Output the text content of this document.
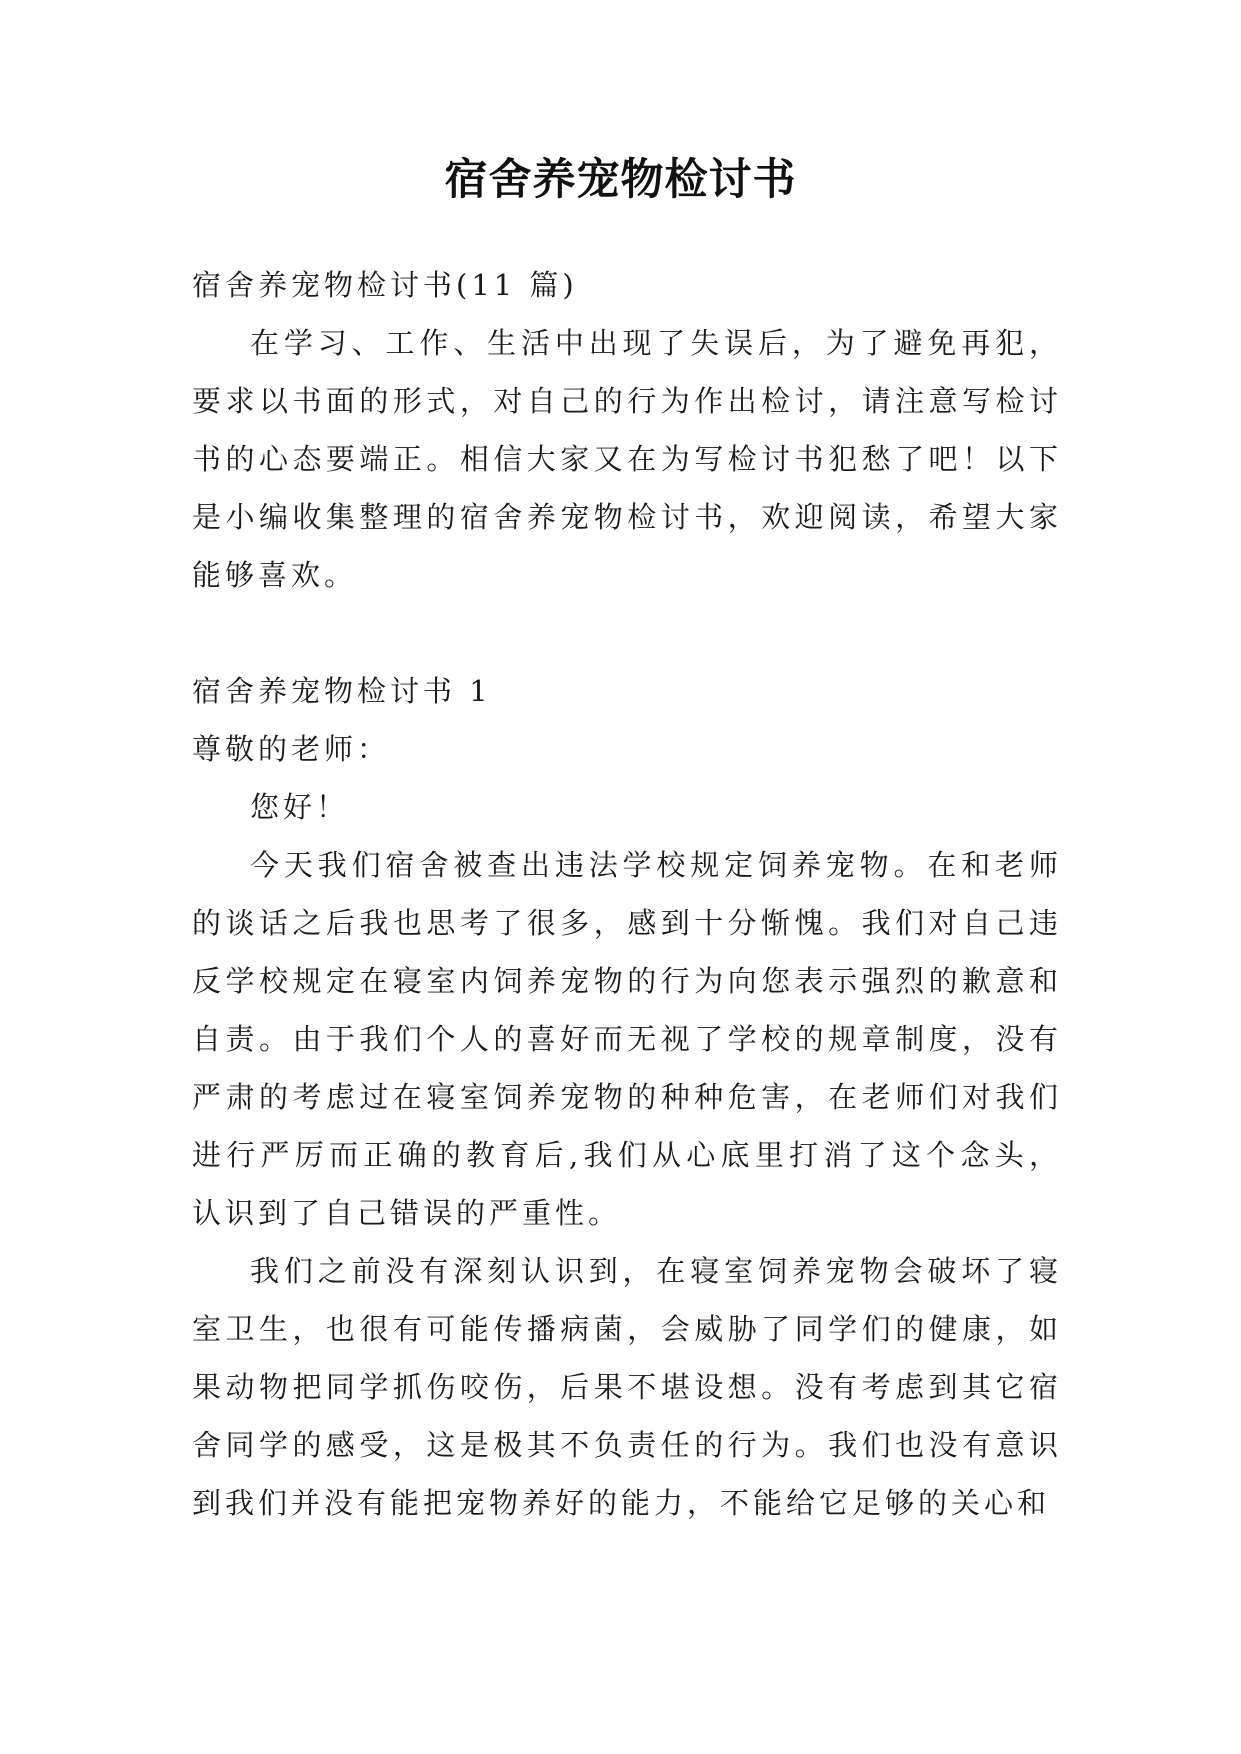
宿舍养宠物检讨书

宿舍养宠物检讨书(11 篇)

在学习、工作、生活中出现了失误后，为了避免再犯，要求以书面的形式，对自己的行为作出检讨，请注意写检讨书的心态要端正。相信大家又在为写检讨书犯愁了吧！以下是小编收集整理的宿舍养宠物检讨书，欢迎阅读，希望大家能够喜欢。

宿舍养宠物检讨书 1

尊敬的老师：

您好！

今天我们宿舍被查出违法学校规定饲养宠物。在和老师的谈话之后我也思考了很多，感到十分惭愧。我们对自己违反学校规定在寝室内饲养宠物的行为向您表示强烈的歉意和自责。由于我们个人的喜好而无视了学校的规章制度，没有严肃的考虑过在寝室饲养宠物的种种危害，在老师们对我们进行严厉而正确的教育后,我们从心底里打消了这个念头，认识到了自己错误的严重性。

我们之前没有深刻认识到，在寝室饲养宠物会破坏了寝室卫生，也很有可能传播病菌，会威胁了同学们的健康，如果动物把同学抓伤咬伤，后果不堪设想。没有考虑到其它宿舍同学的感受，这是极其不负责任的行为。我们也没有意识到我们并没有能把宠物养好的能力，不能给它足够的关心和
